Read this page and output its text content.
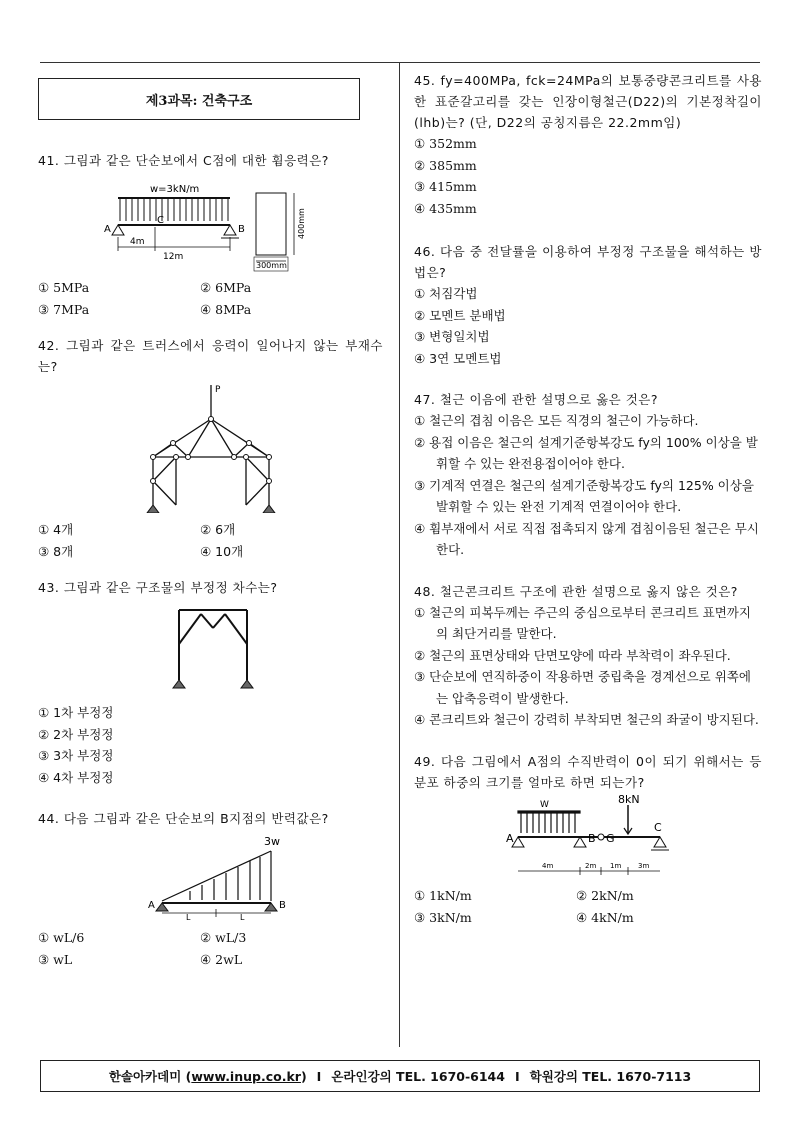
제3과목: 건축구조

41. 그림과 같은 단순보에서 C점에 대한 휨응력은?

w=3kN/m
A
C
B
4m
12m
400mm
300mm
① 5MPa	② 6MPa
③ 7MPa	④ 8MPa

42. 그림과 같은 트러스에서 응력이 일어나지 않는 부재수는?

P
① 4개	② 6개
③ 8개	④ 10개

43. 그림과 같은 구조물의 부정정 차수는?

① 1차 부정정
② 2차 부정정
③ 3차 부정정
④ 4차 부정정

44. 다음 그림과 같은 단순보의 B지점의 반력값은?

3w
A	B
L	L
① wL/6	② wL/3
③ wL	④ 2wL

45. fy=400MPa, fck=24MPa의 보통중량콘크리트를 사용한 표준갈고리를 갖는 인장이형철근(D22)의 기본정착길이(lhb)는? (단, D22의 공칭지름은 22.2mm임)

① 352mm
② 385mm
③ 415mm
④ 435mm

46. 다음 중 전달률을 이용하여 부정정 구조물을 해석하는 방법은?

① 처짐각법
② 모멘트 분배법
③ 변형일치법
④ 3연 모멘트법

47. 철근 이음에 관한 설명으로 옳은 것은?

① 철근의 겹침 이음은 모든 직경의 철근이 가능하다.
② 용접 이음은 철근의 설계기준항복강도 fy의 100% 이상을 발휘할 수 있는 완전용접이어야 한다.
③ 기계적 연결은 철근의 설계기준항복강도 fy의 125% 이상을 발휘할 수 있는 완전 기계적 연결이어야 한다.
④ 휨부재에서 서로 직접 접촉되지 않게 겹침이음된 철근은 무시한다.

48. 철근콘크리트 구조에 관한 설명으로 옳지 않은 것은?

① 철근의 피복두께는 주근의 중심으로부터 콘크리트 표면까지의 최단거리를 말한다.
② 철근의 표면상태와 단면모양에 따라 부착력이 좌우된다.
③ 단순보에 연직하중이 작용하면 중립축을 경계선으로 위쪽에는 압축응력이 발생한다.
④ 콘크리트와 철근이 강력히 부착되면 철근의 좌굴이 방지된다.

49. 다음 그림에서 A점의 수직반력이 0이 되기 위해서는 등분포 하중의 크기를 얼마로 하면 되는가?

W	8kN
A	B G
C
4m	2m 1m 3m
① 1kN/m	② 2kN/m
③ 3kN/m	④ 4kN/m
한솔아카데미 ( www.inup.co.kr ) I 온라인강의 TEL. 1670-6144 I 학원강의 TEL. 1670-7113
